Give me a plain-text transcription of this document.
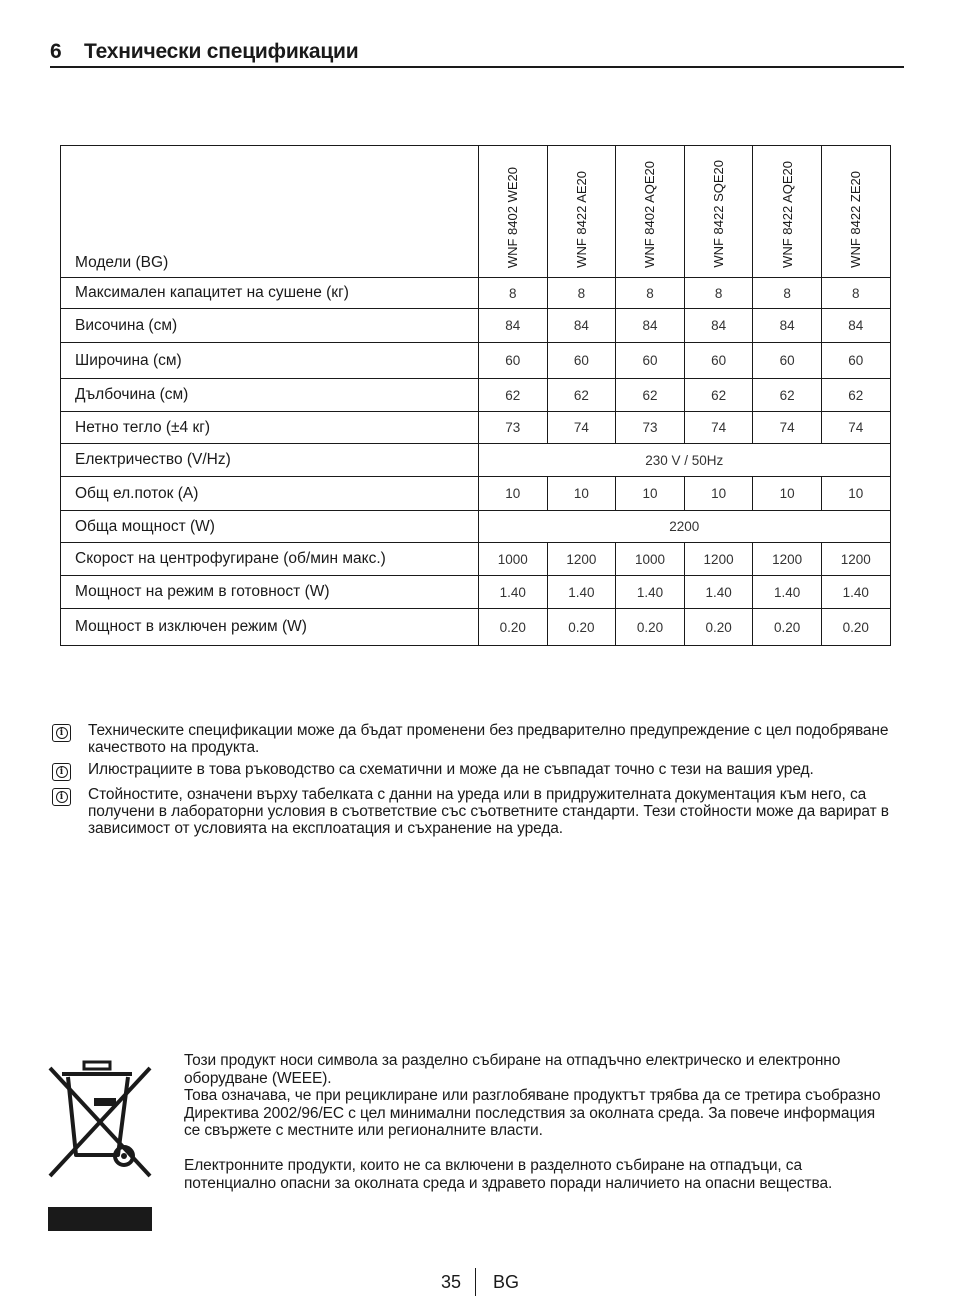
6 Технически спецификации
Модели (BG)	WNF 8402 WE20	WNF 8422 AE20	WNF 8402 AQE20	WNF 8422 SQE20	WNF 8422 AQE20	WNF 8422 ZE20
Максимален капацитет на сушене (кг)	8	8	8	8	8	8
Височина (см)	84	84	84	84	84	84
Широчина (см)	60	60	60	60	60	60
Дълбочина (см)	62	62	62	62	62	62
Нетно тегло (±4 кг)	73	74	73	74	74	74
Електричество (V/Hz)	230 V / 50Hz					
Общ ел.поток (A)	10	10	10	10	10	10
Обща мощност (W)	2200					
Скорост на центрофугиране (об/мин макс.)	1000	1200	1000	1200	1200	1200
Мощност на режим в готовност (W)	1.40	1.40	1.40	1.40	1.40	1.40
Мощност в изключен режим (W)	0.20	0.20	0.20	0.20	0.20	0.20
i Техническите спецификации може да бъдат променени без предварително предупреждение с цел подобряване качеството на продукта.
i Илюстрациите в това ръководство са схематични и може да не съвпадат точно с тези на вашия уред.
i Стойностите, означени върху табелката с данни на уреда или в придружителната документация към него, са получени в лабораторни условия в съответствие със съответните стандарти. Тези стойности може да варират в зависимост от условията на експлоатация и съхранение на уреда.
Този продукт носи символа за разделно събиране на отпадъчно електрическо и електронно оборудване (WEEE).
Това означава, че при рециклиране или разглобяване продуктът трябва да се третира съобразно Директива 2002/96/ЕС с цел минимални последствия за околната среда. За повече информация се свържете с местните или регионалните власти.
Електронните продукти, които не са включени в разделното събиране на отпадъци, са потенциално опасни за околната среда и здравето поради наличието на опасни вещества.
35 BG
